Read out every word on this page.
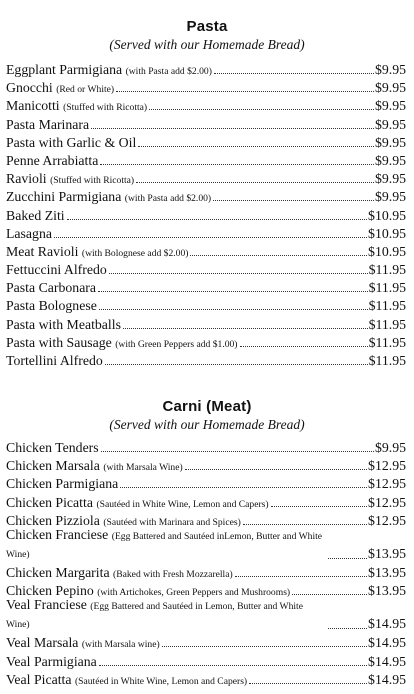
Pasta
(Served with our Homemade Bread)
Eggplant Parmigiana (with Pasta add $2.00)	$9.95
Gnocchi (Red or White)	$9.95
Manicotti (Stuffed with Ricotta)	$9.95
Pasta Marinara	$9.95
Pasta with Garlic & Oil	$9.95
Penne Arrabiatta	$9.95
Ravioli (Stuffed with Ricotta)	$9.95
Zucchini Parmigiana (with Pasta add $2.00)	$9.95
Baked Ziti	$10.95
Lasagna	$10.95
Meat Ravioli (with Bolognese add $2.00)	$10.95
Fettuccini Alfredo	$11.95
Pasta Carbonara	$11.95
Pasta Bolognese	$11.95
Pasta with Meatballs	$11.95
Pasta with Sausage (with Green Peppers add $1.00)	$11.95
Tortellini Alfredo	$11.95
Carni (Meat)
(Served with our Homemade Bread)
Chicken Tenders	$9.95
Chicken Marsala (with Marsala Wine)	$12.95
Chicken Parmigiana	$12.95
Chicken Picatta (Sautéed in White Wine, Lemon and Capers)	$12.95
Chicken Pizziola (Sautéed with Marinara and Spices)	$12.95
Chicken Franciese (Egg Battered and Sautéed inLemon, Butter and White Wine)	$13.95
Chicken Margarita (Baked with Fresh Mozzarella)	$13.95
Chicken Pepino (with Artichokes, Green Peppers and Mushrooms)	$13.95
Veal Franciese (Egg Battered and Sautéed in Lemon, Butter and White Wine)	$14.95
Veal Marsala (with Marsala wine)	$14.95
Veal Parmigiana	$14.95
Veal Picatta (Sautéed in White Wine, Lemon and Capers)	$14.95
